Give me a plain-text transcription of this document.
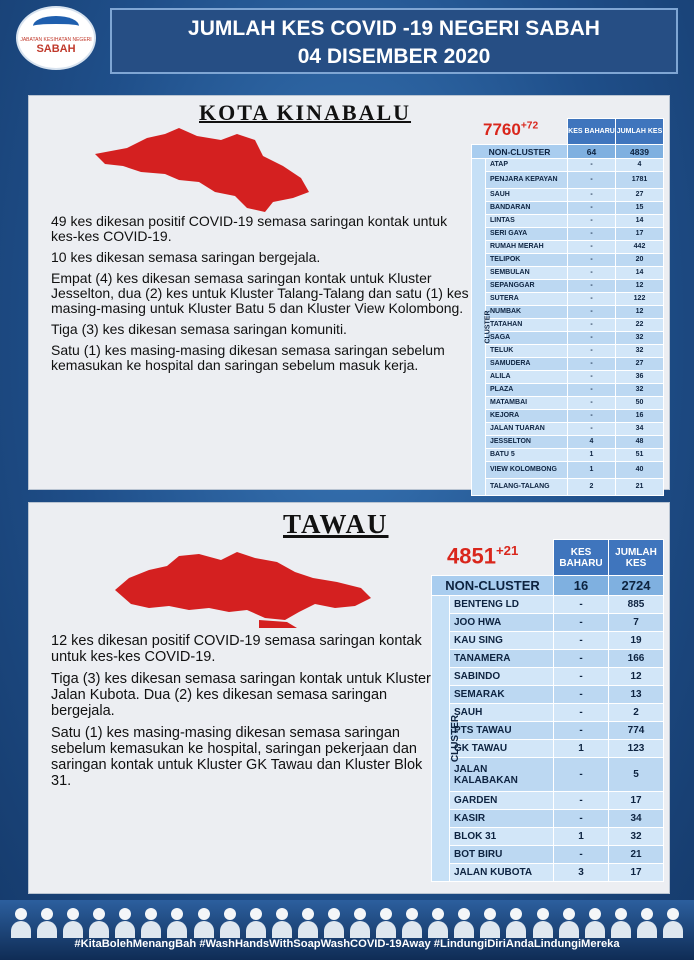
JABATAN KESIHATAN NEGERI
SABAH
JUMLAH KES COVID -19 NEGERI SABAH
04 DISEMBER 2020
KOTA KINABALU

49 kes dikesan positif COVID-19 semasa saringan kontak untuk kes-kes COVID-19.

10 kes dikesan semasa saringan bergejala.

Empat (4) kes dikesan semasa saringan kontak untuk Kluster Jesselton, dua (2) kes untuk Kluster Talang-Talang dan satu (1) kes masing-masing untuk Kluster Batu 5 dan Kluster View Kolombong.

Tiga (3) kes dikesan semasa saringan komuniti.

Satu (1) kes masing-masing dikesan semasa saringan sebelum kemasukan ke hospital dan saringan sebelum masuk kerja.

$7760^{+72}$
		KES BAHARU	JUMLAH KES
NON-CLUSTER		64	4839
CLUSTER	ATAP	-	4
	PENJARA KEPAYAN	-	1781
	SAUH	-	27
	BANDARAN	-	15
	LINTAS	-	14
	SERI GAYA	-	17
	RUMAH MERAH	-	442
	TELIPOK	-	20
	SEMBULAN	-	14
	SEPANGGAR	-	12
	SUTERA	-	122
	NUMBAK	-	12
	TATAHAN	-	22
	SAGA	-	32
	TELUK	-	32
	SAMUDERA	-	27
	ALILA	-	36
	PLAZA	-	32
	MATAMBAI	-	50
	KEJORA	-	16
	JALAN TUARAN	-	34
	JESSELTON	4	48
	BATU 5	1	51
	VIEW KOLOMBONG	1	40
	TALANG-TALANG	2	21
TAWAU

12 kes dikesan positif COVID-19 semasa saringan kontak untuk kes-kes COVID-19.

Tiga (3) kes dikesan semasa saringan kontak untuk Kluster Jalan Kubota. Dua (2) kes dikesan semasa saringan bergejala.

Satu (1) kes masing-masing dikesan semasa saringan sebelum kemasukan ke hospital, saringan pekerjaan dan saringan kontak untuk Kluster GK Tawau dan Kluster Blok 31.

$4851^{+21}$
		KES BAHARU	JUMLAH KES
NON-CLUSTER		16	2724
CLUSTER	BENTENG LD	-	885
	JOO HWA	-	7
	KAU SING	-	19
	TANAMERA	-	166
	SABINDO	-	12
	SEMARAK	-	13
	SAUH	-	2
	PTS TAWAU	-	774
	GK TAWAU	1	123
	JALAN KALABAKAN	-	5
	GARDEN	-	17
	KASIR	-	34
	BLOK 31	1	32
	BOT BIRU	-	21
	JALAN KUBOTA	3	17
#KitaBolehMenangBah #WashHandsWithSoapWashCOVID-19Away #LindungiDiriAndaLindungiMereka
